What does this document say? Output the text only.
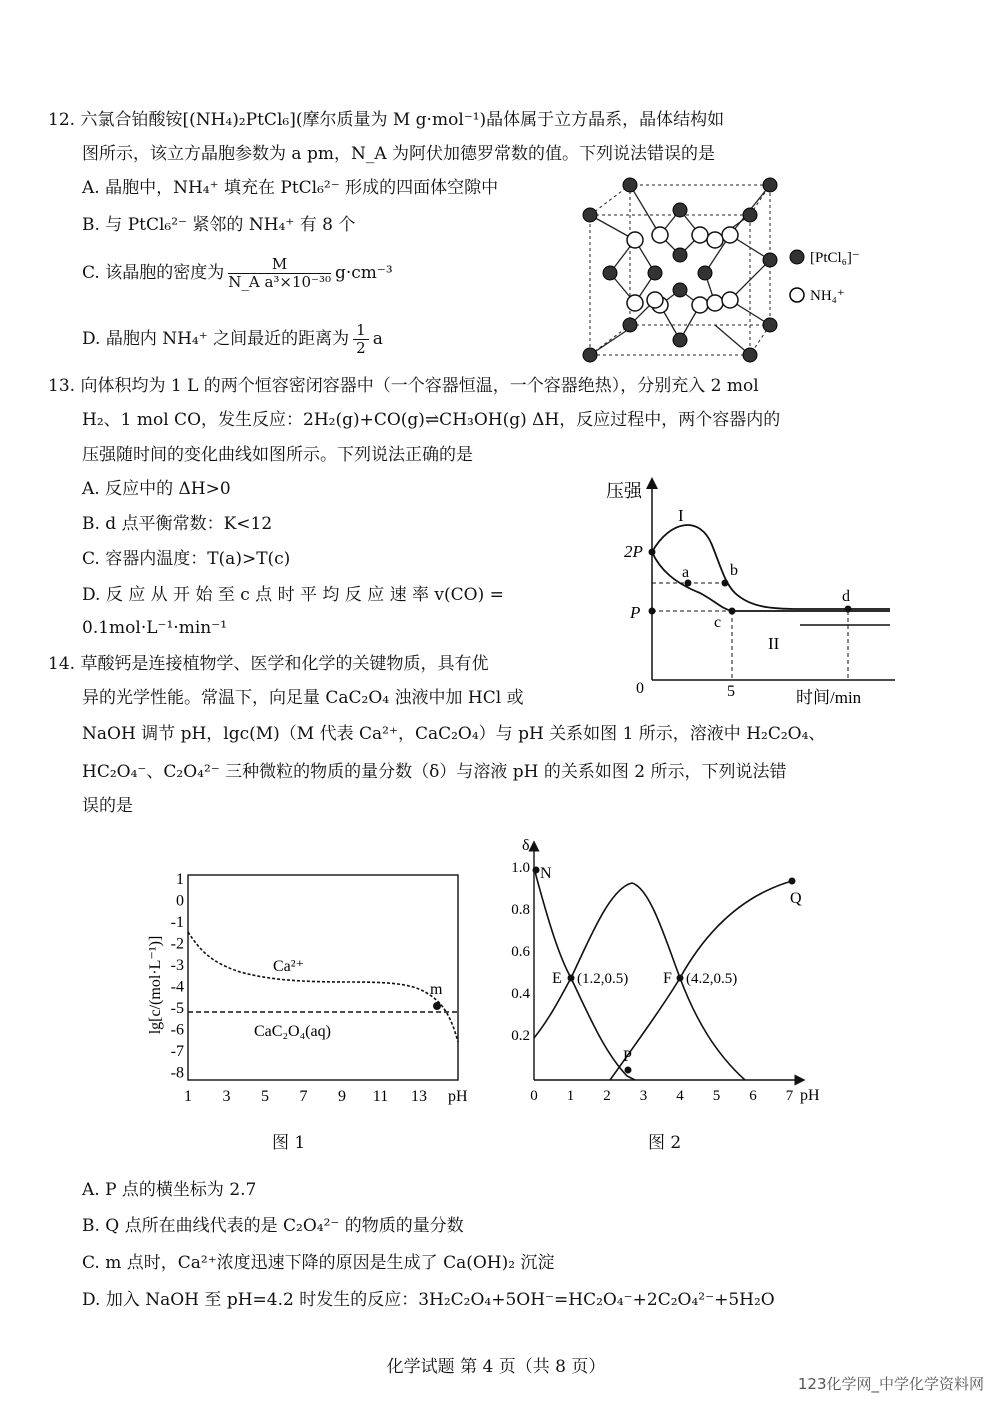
12. 六氯合铂酸铵[(NH₄)₂PtCl₆](摩尔质量为 M g·mol⁻¹)晶体属于立方晶系，晶体结构如
图所示，该立方晶胞参数为 a pm，N_A 为阿伏加德罗常数的值。下列说法错误的是
A. 晶胞中，NH₄⁺ 填充在 PtCl₆²⁻ 形成的四面体空隙中
B. 与 PtCl₆²⁻ 紧邻的 NH₄⁺ 有 8 个
C. 该晶胞的密度为 $\frac{M}{\text{N\_A a³×10⁻³⁰}} g\cdot cm^{-3}$
D. 晶胞内 NH₄⁺ 之间最近的距离为 $\frac{1}{2}$ a
[PtCl₆]⁻
NH₄⁺
13. 向体积均为 1 L 的两个恒容密闭容器中（一个容器恒温，一个容器绝热），分别充入 2 mol
H₂、1 mol CO，发生反应：2H₂(g)+CO(g)⇌CH₃OH(g) ΔH，反应过程中，两个容器内的
压强随时间的变化曲线如图所示。下列说法正确的是
A. 反应中的 ΔH>0
B. d 点平衡常数：K<12
C. 容器内温度：T(a)>T(c)
D. 反 应 从 开 始 至 c 点 时 平 均 反 应 速 率 v(CO) =
0.1mol·L⁻¹·min⁻¹
压强
时间/min
2P
P
0	5
I
II
a	b
c
d
14. 草酸钙是连接植物学、医学和化学的关键物质，具有优
异的光学性能。常温下，向足量 CaC₂O₄ 浊液中加 HCl 或
NaOH 调节 pH，lgc(M)（M 代表 Ca²⁺，CaC₂O₄）与 pH 关系如图 1 所示，溶液中 H₂C₂O₄、
HC₂O₄⁻、C₂O₄²⁻ 三种微粒的物质的量分数（δ）与溶液 pH 的关系如图 2 所示，下列说法错
误的是
lg[c/(mol·L⁻¹)]
1
0
-1
-2
-3
-4
-5
-6
-7
-8
1 3 5 7 9 11 13 pH
Ca²⁺
CaC₂O₄(aq)
m
图 1
δ
pH
1.0
0.8
0.6
0.4
0.2
0 1 2 3 4 5 6 7
N
E (1.2,0.5) F (4.2,0.5)
P
Q
图 2
A. P 点的横坐标为 2.7
B. Q 点所在曲线代表的是 C₂O₄²⁻ 的物质的量分数
C. m 点时，Ca²⁺浓度迅速下降的原因是生成了 Ca(OH)₂ 沉淀
D. 加入 NaOH 至 pH=4.2 时发生的反应：3H₂C₂O₄+5OH⁻=HC₂O₄⁻+2C₂O₄²⁻+5H₂O
化学试题 第 4 页（共 8 页）
123化学网_中学化学资料网
